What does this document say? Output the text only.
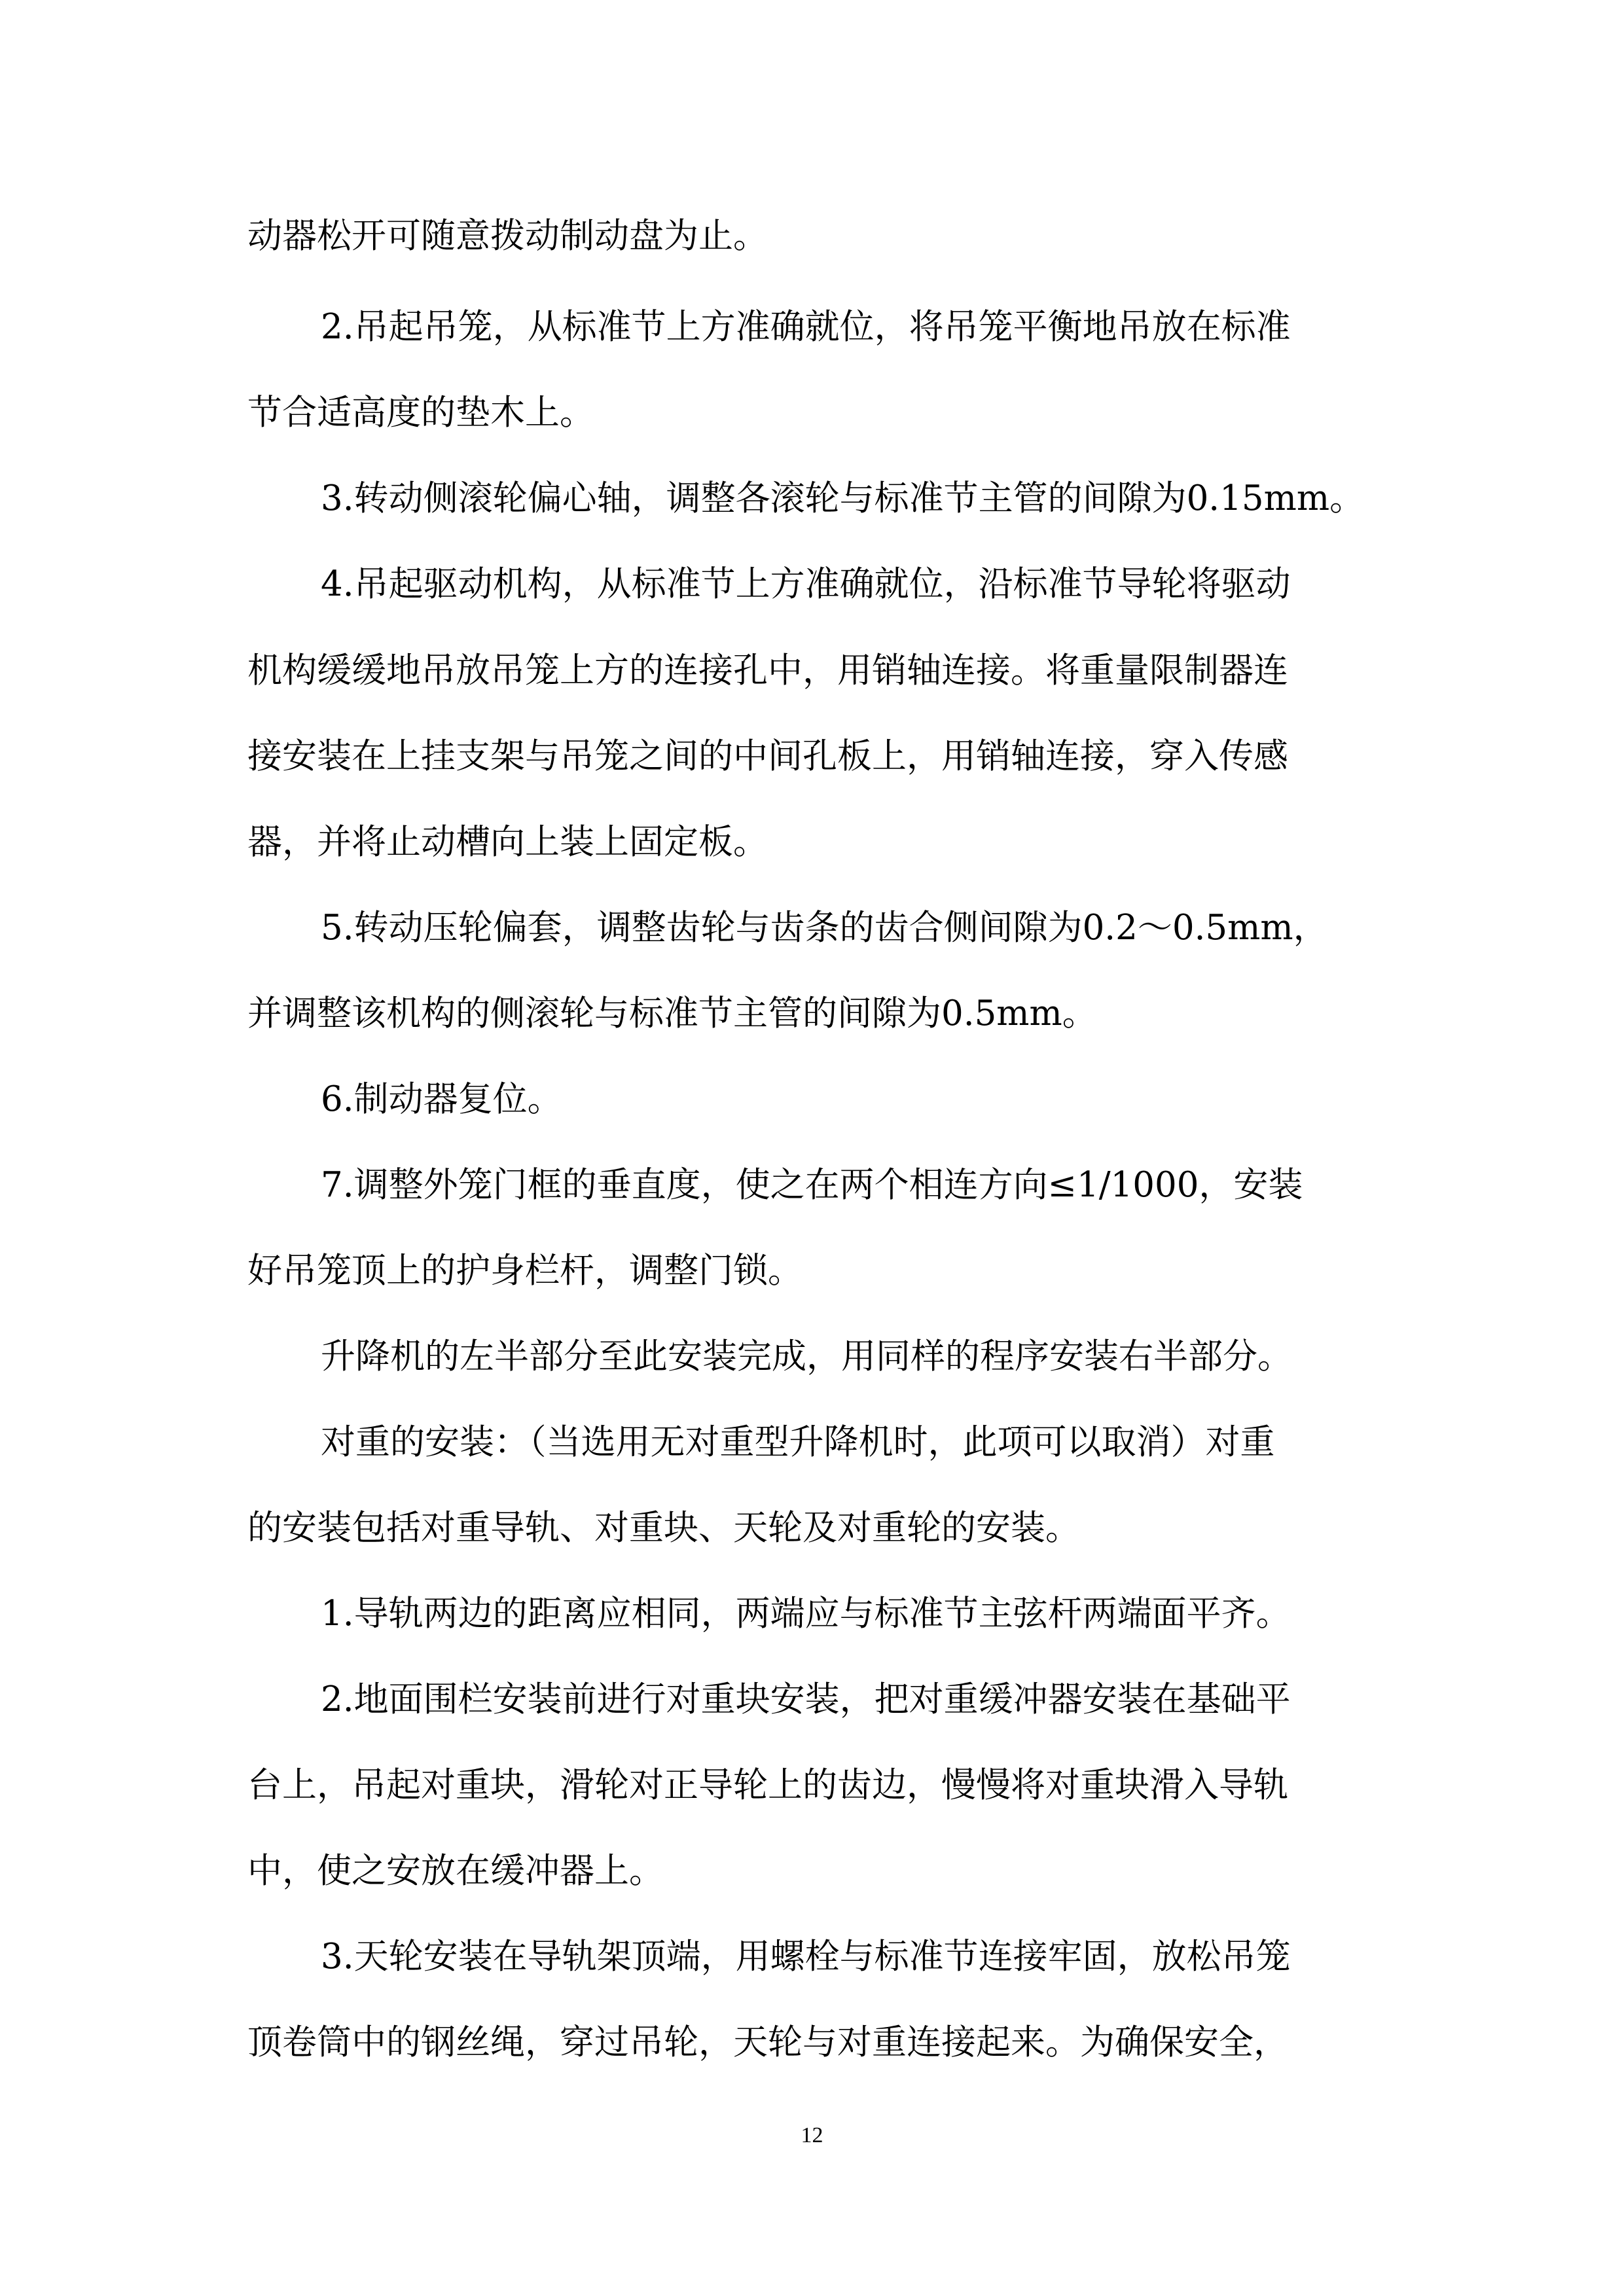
动器松开可随意拨动制动盘为止。
2.吊起吊笼，从标准节上方准确就位，将吊笼平衡地吊放在标准
节合适高度的垫木上。
3.转动侧滚轮偏心轴，调整各滚轮与标准节主管的间隙为0.15mm。
4.吊起驱动机构，从标准节上方准确就位，沿标准节导轮将驱动
机构缓缓地吊放吊笼上方的连接孔中，用销轴连接。将重量限制器连
接安装在上挂支架与吊笼之间的中间孔板上，用销轴连接，穿入传感
器，并将止动槽向上装上固定板。
5.转动压轮偏套，调整齿轮与齿条的齿合侧间隙为0.2～0.5mm，
并调整该机构的侧滚轮与标准节主管的间隙为0.5mm。
6.制动器复位。
7.调整外笼门框的垂直度，使之在两个相连方向≤1/1000，安装
好吊笼顶上的护身栏杆，调整门锁。
升降机的左半部分至此安装完成，用同样的程序安装右半部分。
对重的安装：（当选用无对重型升降机时，此项可以取消）对重
的安装包括对重导轨、对重块、天轮及对重轮的安装。
1.导轨两边的距离应相同，两端应与标准节主弦杆两端面平齐。
2.地面围栏安装前进行对重块安装，把对重缓冲器安装在基础平
台上，吊起对重块，滑轮对正导轮上的齿边，慢慢将对重块滑入导轨
中，使之安放在缓冲器上。
3.天轮安装在导轨架顶端，用螺栓与标准节连接牢固，放松吊笼
顶卷筒中的钢丝绳，穿过吊轮，天轮与对重连接起来。为确保安全，
12
